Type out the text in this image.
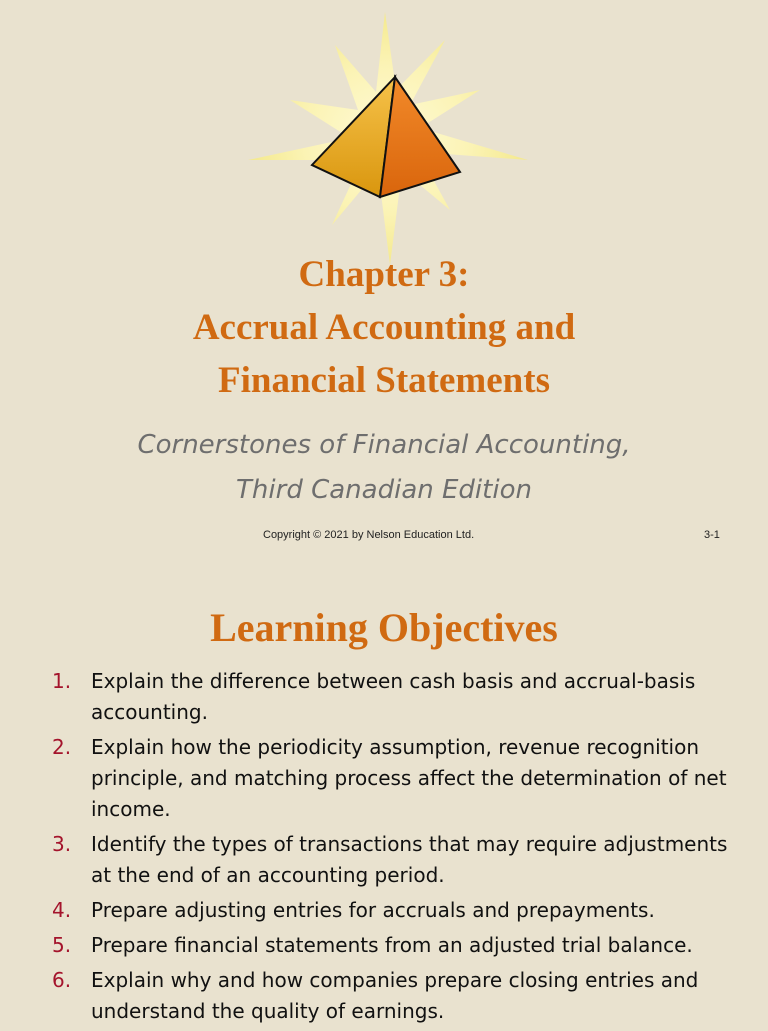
Chapter 3:
Accrual Accounting and
Financial Statements

Cornerstones of Financial Accounting,
Third Canadian Edition

Copyright © 2021 by Nelson Education Ltd.	3-1
Learning Objectives
1. Explain the difference between cash basis and accrual-basis accounting.
2. Explain how the periodicity assumption, revenue recognition principle, and matching process affect the determination of net income.
3. Identify the types of transactions that may require adjustments at the end of an accounting period.
4. Prepare adjusting entries for accruals and prepayments.
5. Prepare financial statements from an adjusted trial balance.
6. Explain why and how companies prepare closing entries and understand the quality of earnings.
